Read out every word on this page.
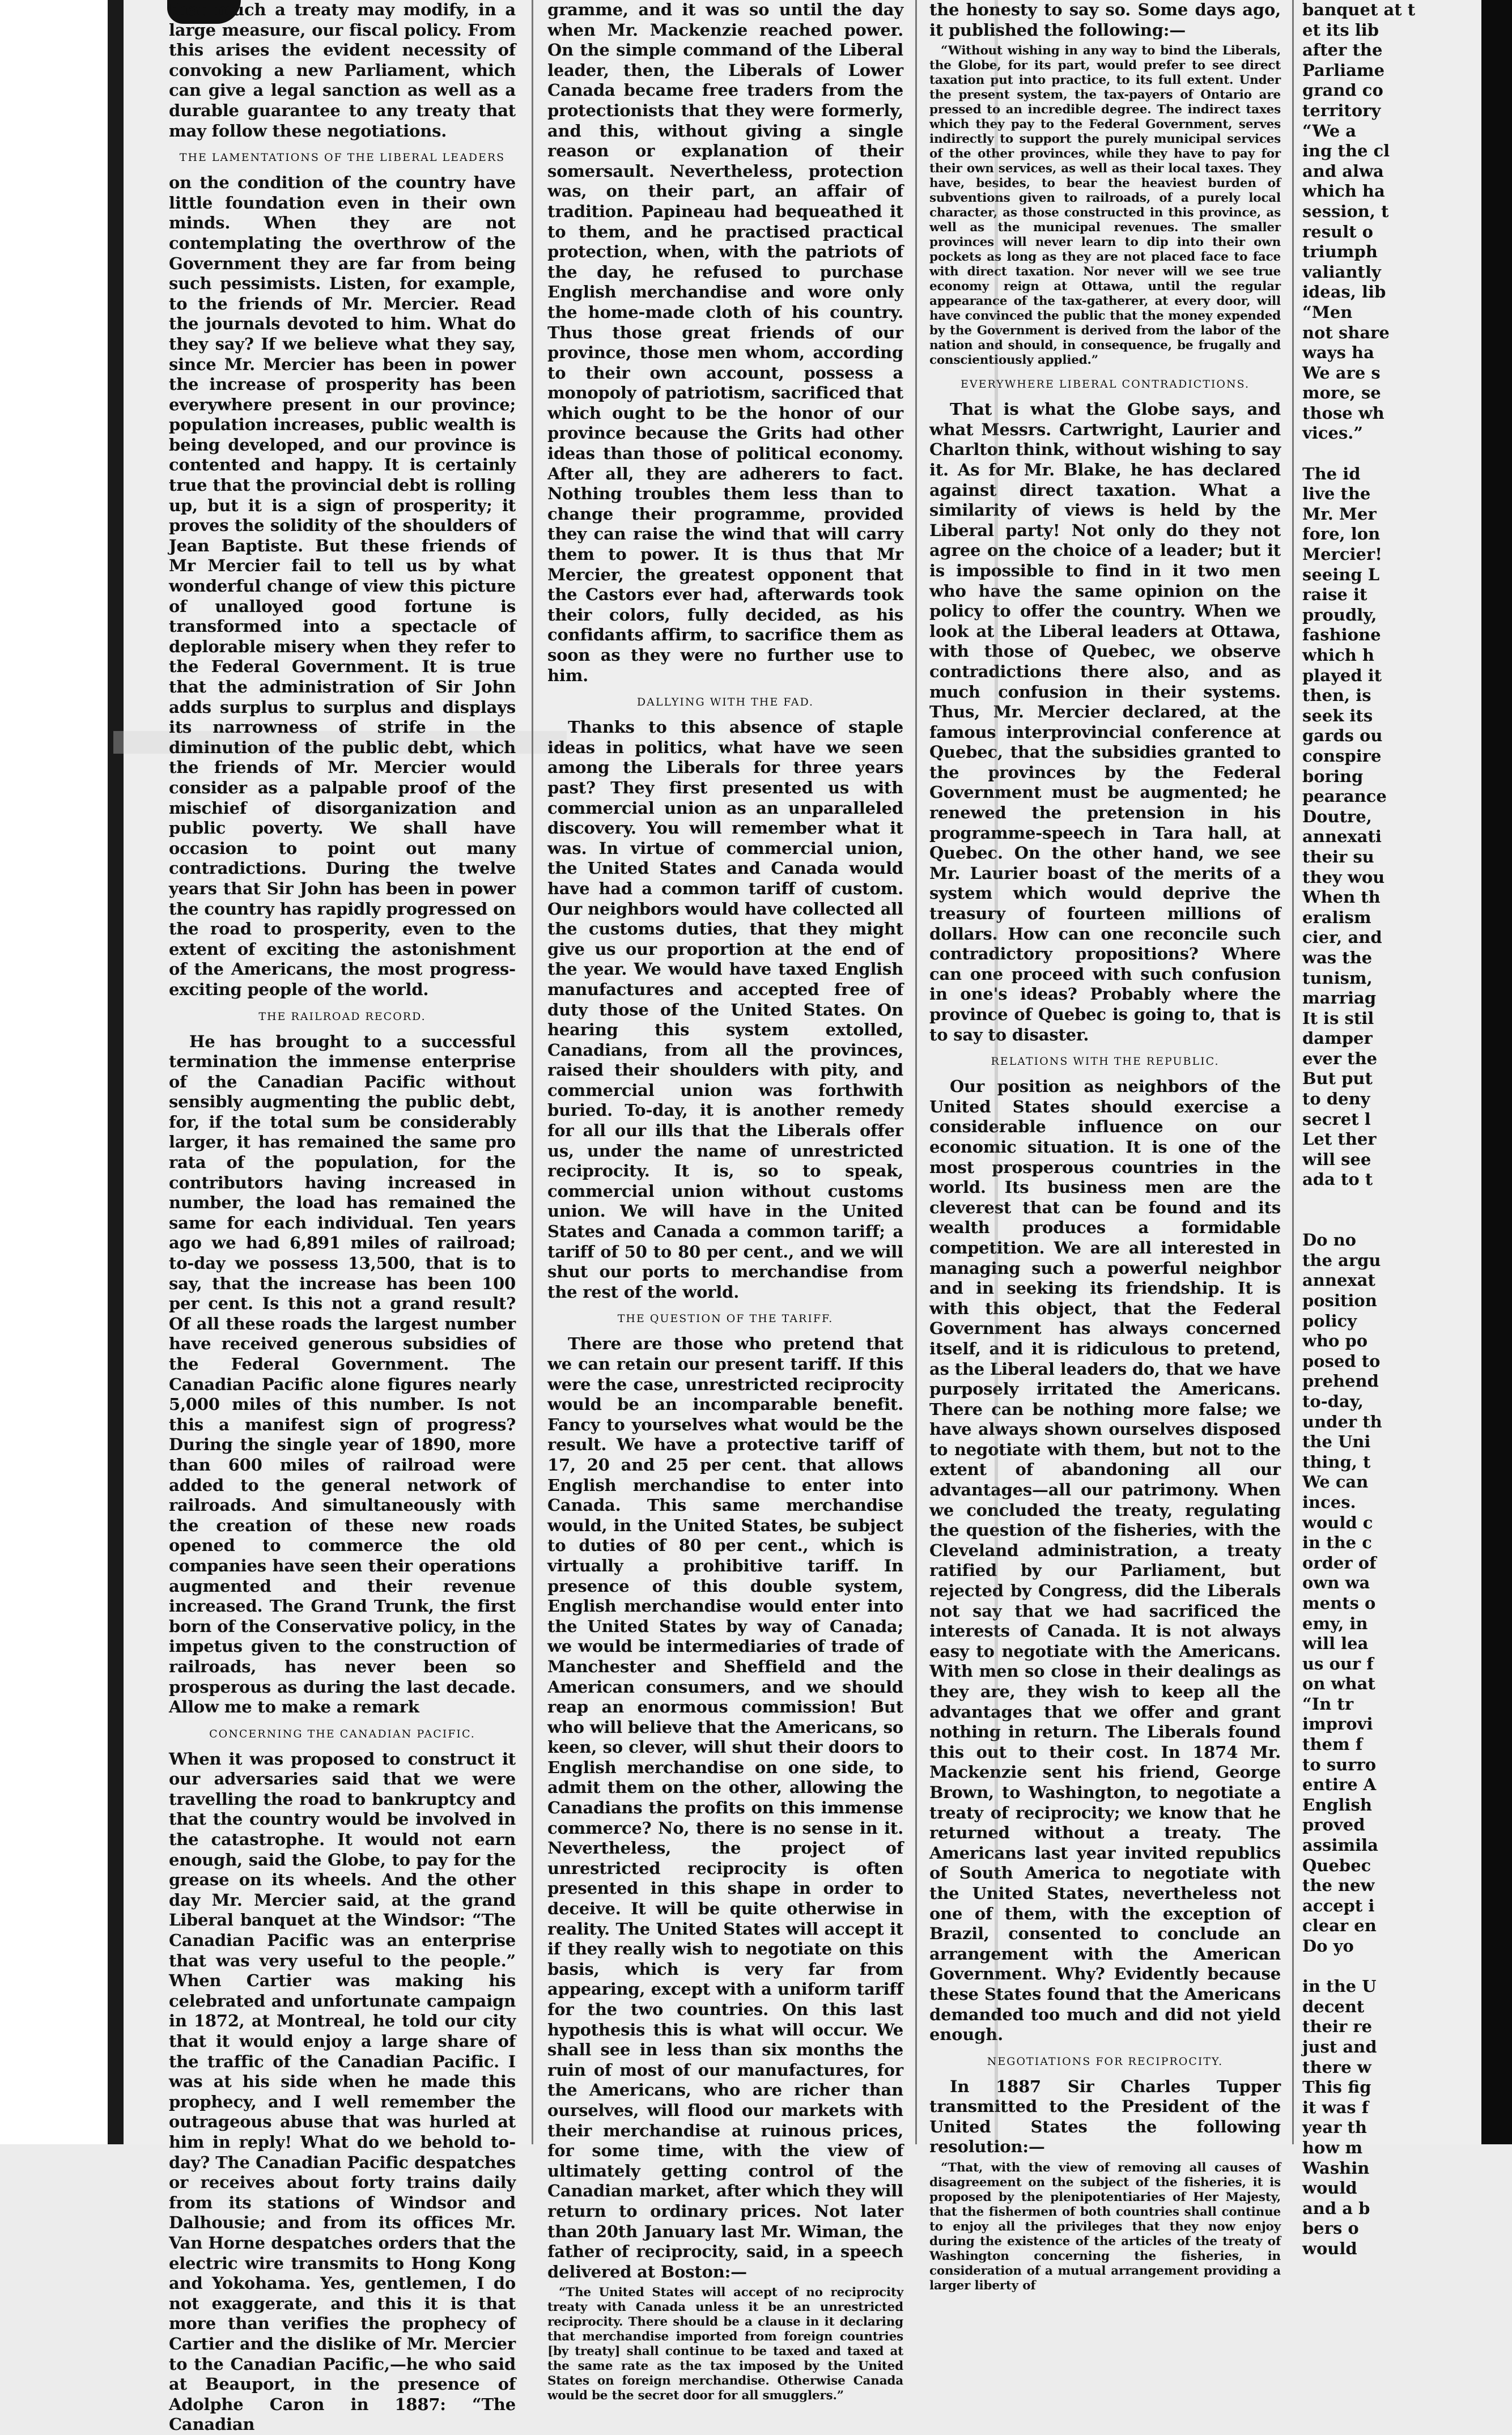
that much a treaty may modify, in a large measure, our fiscal policy. From this arises the evident necessity of convoking a new Parliament, which can give a legal sanction as well as a durable guarantee to any treaty that may follow these negotiations.

THE LAMENTATIONS OF THE LIBERAL LEADERS

on the condition of the country have little foundation even in their own minds. When they are not contemplating the overthrow of the Government they are far from being such pessimists. Listen, for example, to the friends of Mr. Mercier. Read the journals devoted to him. What do they say? If we believe what they say, since Mr. Mercier has been in power the increase of prosperity has been everywhere present in our province; population increases, public wealth is being developed, and our province is contented and happy. It is certainly true that the provincial debt is rolling up, but it is a sign of prosperity; it proves the solidity of the shoulders of Jean Baptiste. But these friends of Mr Mercier fail to tell us by what wonderful change of view this picture of unalloyed good fortune is transformed into a spectacle of deplorable misery when they refer to the Federal Government. It is true that the administration of Sir John adds surplus to surplus and displays its narrowness of strife in the diminution of the public debt, which the friends of Mr. Mercier would consider as a palpable proof of the mischief of disorganization and public poverty. We shall have occasion to point out many contradictions. During the twelve years that Sir John has been in power the country has rapidly progressed on the road to prosperity, even to the extent of exciting the astonishment of the Americans, the most progress-exciting people of the world.

THE RAILROAD RECORD.

He has brought to a successful termination the immense enterprise of the Canadian Pacific without sensibly augmenting the public debt, for, if the total sum be considerably larger, it has remained the same pro rata of the population, for the contributors having increased in number, the load has remained the same for each individual. Ten years ago we had 6,891 miles of railroad; to-day we possess 13,500, that is to say, that the increase has been 100 per cent. Is this not a grand result? Of all these roads the largest number have received generous subsidies of the Federal Government. The Canadian Pacific alone figures nearly 5,000 miles of this number. Is not this a manifest sign of progress? During the single year of 1890, more than 600 miles of railroad were added to the general network of railroads. And simultaneously with the creation of these new roads opened to commerce the old companies have seen their operations augmented and their revenue increased. The Grand Trunk, the first born of the Conservative policy, in the impetus given to the construction of railroads, has never been so prosperous as during the last decade. Allow me to make a remark

CONCERNING THE CANADIAN PACIFIC.

When it was proposed to construct it our adversaries said that we were travelling the road to bankruptcy and that the country would be involved in the catastrophe. It would not earn enough, said the Globe, to pay for the grease on its wheels. And the other day Mr. Mercier said, at the grand Liberal banquet at the Windsor: “The Canadian Pacific was an enterprise that was very useful to the people.” When Cartier was making his celebrated and unfortunate campaign in 1872, at Montreal, he told our city that it would enjoy a large share of the traffic of the Canadian Pacific. I was at his side when he made this prophecy, and I well remember the outrageous abuse that was hurled at him in reply! What do we behold to-day? The Canadian Pacific despatches or receives about forty trains daily from its stations of Windsor and Dalhousie; and from its offices Mr. Van Horne despatches orders that the electric wire transmits to Hong Kong and Yokohama. Yes, gentlemen, I do not exaggerate, and this it is that more than verifies the prophecy of Cartier and the dislike of Mr. Mercier to the Canadian Pacific,—he who said at Beauport, in the presence of Adolphe Caron in 1887: “The Canadian

gramme, and it was so until the day when Mr. Mackenzie reached power. On the simple command of the Liberal leader, then, the Liberals of Lower Canada became free traders from the protectionists that they were formerly, and this, without giving a single reason or explanation of their somersault. Nevertheless, protection was, on their part, an affair of tradition. Papineau had bequeathed it to them, and he practised practical protection, when, with the patriots of the day, he refused to purchase English merchandise and wore only the home-made cloth of his country. Thus those great friends of our province, those men whom, according to their own account, possess a monopoly of patriotism, sacrificed that which ought to be the honor of our province because the Grits had other ideas than those of political economy. After all, they are adherers to fact. Nothing troubles them less than to change their programme, provided they can raise the wind that will carry them to power. It is thus that Mr Mercier, the greatest opponent that the Castors ever had, afterwards took their colors, fully decided, as his confidants affirm, to sacrifice them as soon as they were no further use to him.

DALLYING WITH THE FAD.

Thanks to this absence of staple ideas in politics, what have we seen among the Liberals for three years past? They first presented us with commercial union as an unparalleled discovery. You will remember what it was. In virtue of commercial union, the United States and Canada would have had a common tariff of custom. Our neighbors would have collected all the customs duties, that they might give us our proportion at the end of the year. We would have taxed English manufactures and accepted free of duty those of the United States. On hearing this system extolled, Canadians, from all the provinces, raised their shoulders with pity, and commercial union was forthwith buried. To-day, it is another remedy for all our ills that the Liberals offer us, under the name of unrestricted reciprocity. It is, so to speak, commercial union without customs union. We will have in the United States and Canada a common tariff; a tariff of 50 to 80 per cent., and we will shut our ports to merchandise from the rest of the world.

THE QUESTION OF THE TARIFF.

There are those who pretend that we can retain our present tariff. If this were the case, unrestricted reciprocity would be an incomparable benefit. Fancy to yourselves what would be the result. We have a protective tariff of 17, 20 and 25 per cent. that allows English merchandise to enter into Canada. This same merchandise would, in the United States, be subject to duties of 80 per cent., which is virtually a prohibitive tariff. In presence of this double system, English merchandise would enter into the United States by way of Canada; we would be intermediaries of trade of Manchester and Sheffield and the American consumers, and we should reap an enormous commission! But who will believe that the Americans, so keen, so clever, will shut their doors to English merchandise on one side, to admit them on the other, allowing the Canadians the profits on this immense commerce? No, there is no sense in it. Nevertheless, the project of unrestricted reciprocity is often presented in this shape in order to deceive. It will be quite otherwise in reality. The United States will accept it if they really wish to negotiate on this basis, which is very far from appearing, except with a uniform tariff for the two countries. On this last hypothesis this is what will occur. We shall see in less than six months the ruin of most of our manufactures, for the Americans, who are richer than ourselves, will flood our markets with their merchandise at ruinous prices, for some time, with the view of ultimately getting control of the Canadian market, after which they will return to ordinary prices. Not later than 20th January last Mr. Wiman, the father of reciprocity, said, in a speech delivered at Boston:—

“The United States will accept of no reciprocity treaty with Canada unless it be an unrestricted reciprocity. There should be a clause in it declaring that merchandise imported from foreign countries [by treaty] shall continue to be taxed and taxed at the same rate as the tax imposed by the United States on foreign merchandise. Otherwise Canada would be the secret door for all smugglers.”

the honesty to say so. Some days ago, it published the following:—

“Without wishing in any way to bind the Liberals, the Globe, for its part, would prefer to see direct taxation put into practice, to its full extent. Under the present system, the tax-payers of Ontario are pressed to an incredible degree. The indirect taxes which they pay to the Federal Government, serves indirectly to support the purely municipal services of the other provinces, while they have to pay for their own services, as well as their local taxes. They have, besides, to bear the heaviest burden of subventions given to railroads, of a purely local character, as those constructed in this province, as well as the municipal revenues. The smaller provinces will never learn to dip into their own pockets as long as they are not placed face to face with direct taxation. Nor never will we see true economy reign at Ottawa, until the regular appearance of the tax-gatherer, at every door, will have convinced the public that the money expended by the Government is derived from the labor of the nation and should, in consequence, be frugally and conscientiously applied.”

EVERYWHERE LIBERAL CONTRADICTIONS.

That is what the Globe says, and what Messrs. Cartwright, Laurier and Charlton think, without wishing to say it. As for Mr. Blake, he has declared against direct taxation. What a similarity of views is held by the Liberal party! Not only do they not agree on the choice of a leader; but it is impossible to find in it two men who have the same opinion on the policy to offer the country. When we look at the Liberal leaders at Ottawa, with those of Quebec, we observe contradictions there also, and as much confusion in their systems. Thus, Mr. Mercier declared, at the famous interprovincial conference at Quebec, that the subsidies granted to the provinces by the Federal Government must be augmented; he renewed the pretension in his programme-speech in Tara hall, at Quebec. On the other hand, we see Mr. Laurier boast of the merits of a system which would deprive the treasury of fourteen millions of dollars. How can one reconcile such contradictory propositions? Where can one proceed with such confusion in one's ideas? Probably where the province of Quebec is going to, that is to say to disaster.

RELATIONS WITH THE REPUBLIC.

Our position as neighbors of the United States should exercise a considerable influence on our economic situation. It is one of the most prosperous countries in the world. Its business men are the cleverest that can be found and its wealth produces a formidable competition. We are all interested in managing such a powerful neighbor and in seeking its friendship. It is with this object, that the Federal Government has always concerned itself, and it is ridiculous to pretend, as the Liberal leaders do, that we have purposely irritated the Americans. There can be nothing more false; we have always shown ourselves disposed to negotiate with them, but not to the extent of abandoning all our advantages—all our patrimony. When we concluded the treaty, regulating the question of the fisheries, with the Cleveland administration, a treaty ratified by our Parliament, but rejected by Congress, did the Liberals not say that we had sacrificed the interests of Canada. It is not always easy to negotiate with the Americans. With men so close in their dealings as they are, they wish to keep all the advantages that we offer and grant nothing in return. The Liberals found this out to their cost. In 1874 Mr. Mackenzie sent his friend, George Brown, to Washington, to negotiate a treaty of reciprocity; we know that he returned without a treaty. The Americans last year invited republics of South America to negotiate with the United States, nevertheless not one of them, with the exception of Brazil, consented to conclude an arrangement with the American Government. Why? Evidently because these States found that the Americans demanded too much and did not yield enough.

NEGOTIATIONS FOR RECIPROCITY.

In 1887 Sir Charles Tupper transmitted to the President of the United States the following resolution:—

“That, with the view of removing all causes of disagreement on the subject of the fisheries, it is proposed by the plenipotentiaries of Her Majesty, that the fishermen of both countries shall continue to enjoy all the privileges that they now enjoy during the existence of the articles of the treaty of Washington concerning the fisheries, in consideration of a mutual arrangement providing a larger liberty of

banquet at t
et its lib
after the
Parliame
grand co
territory
“We a
ing the cl
and alwa
which ha
session, t
result o
triumph
valiantly
ideas, lib
“Men
not share
ways ha
We are s
more, se
those wh
vices.”
The id
live the
Mr. Mer
fore, lon
Mercier!
seeing L
raise it
proudly,
fashione
which h
played it
then, is
seek its
gards ou
conspire
boring
pearance
Doutre,
annexati
their su
they wou
When th
eralism
cier, and
was the
tunism,
marriag
It is stil
damper
ever the
But put
to deny
secret l
Let ther
will see
ada to t
Do no
the argu
annexat
position
policy
who po
posed to
prehend
to-day,
under th
the Uni
thing, t
We can
inces.
would c
in the c
order of
own wa
ments o
emy, in
will lea
us our f
on what
“In tr
improvi
them f
to surro
entire A
English
proved
assimila
Quebec
the new
accept i
clear en
Do yo
in the U
decent
their re
just and
there w
This fig
it was f
year th
how m
Washin
would
and a b
bers o
would
